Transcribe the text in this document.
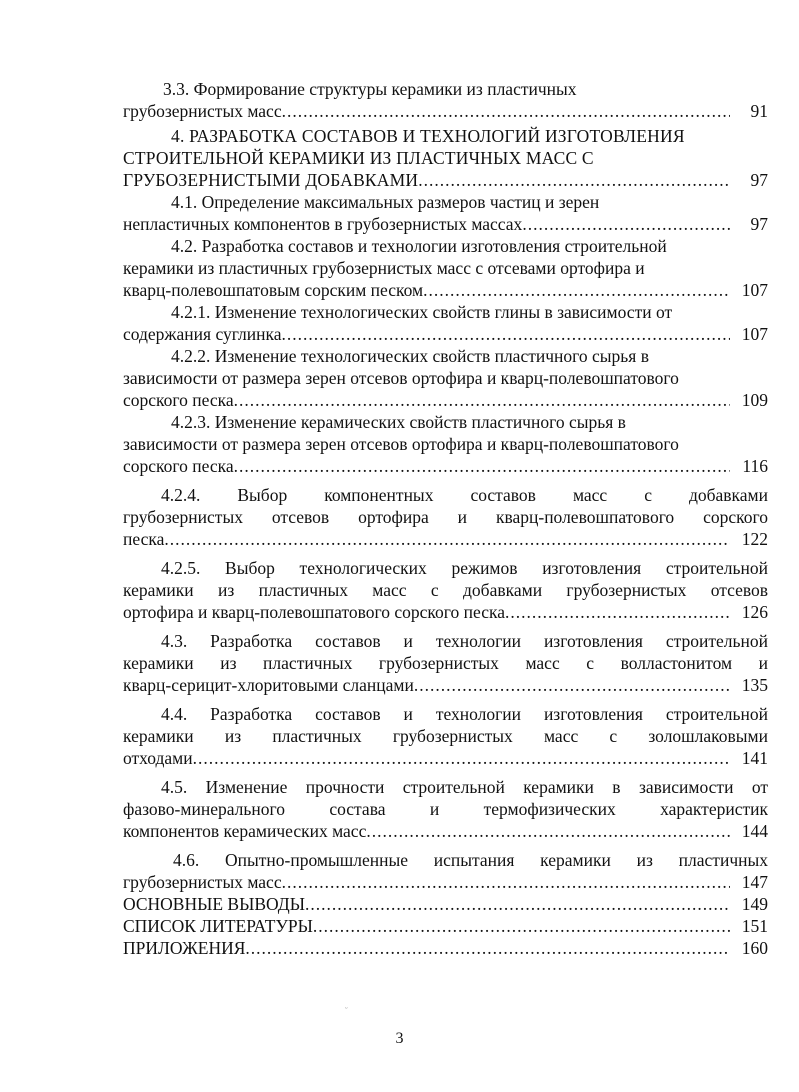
3.3. Формирование структуры керамики из пластичных
грубозернистых масс .....	91
4. РАЗРАБОТКА СОСТАВОВ И ТЕХНОЛОГИЙ ИЗГОТОВЛЕНИЯ
СТРОИТЕЛЬНОЙ КЕРАМИКИ ИЗ ПЛАСТИЧНЫХ МАСС С
ГРУБОЗЕРНИСТЫМИ ДОБАВКАМИ .....	97
4.1. Определение максимальных размеров частиц и зерен
непластичных компонентов в грубозернистых массах .....	97
4.2. Разработка составов и технологии изготовления строительной
керамики из пластичных грубозернистых масс с отсевами ортофира и
кварц-полевошпатовым сорским песком .....	107
4.2.1. Изменение технологических свойств глины в зависимости от
содержания суглинка .....	107
4.2.2. Изменение технологических свойств пластичного сырья в
зависимости от размера зерен отсевов ортофира и кварц-полевошпатового
сорского песка .....	109
4.2.3. Изменение керамических свойств пластичного сырья в
зависимости от размера зерен отсевов ортофира и кварц-полевошпатового
сорского песка .....	116
4.2.4. Выбор компонентных составов масс с добавками
грубозернистых отсевов ортофира и кварц-полевошпатового сорского
песка .....	122
4.2.5. Выбор технологических режимов изготовления строительной
керамики из пластичных масс с добавками грубозернистых отсевов
ортофира и кварц-полевошпатового сорского песка .....	126
4.3. Разработка составов и технологии изготовления строительной
керамики из пластичных грубозернистых масс с волластонитом и
кварц-серицит-хлоритовыми сланцами .....	135
4.4. Разработка составов и технологии изготовления строительной
керамики из пластичных грубозернистых масс с золошлаковыми
отходами .....	141
4.5. Изменение прочности строительной керамики в зависимости от
фазово-минерального состава и термофизических характеристик
компонентов керамических масс .....	144
4.6. Опытно-промышленные испытания керамики из пластичных
грубозернистых масс .....	147
ОСНОВНЫЕ ВЫВОДЫ .....	149
СПИСОК ЛИТЕРАТУРЫ .....	151
ПРИЛОЖЕНИЯ .....	160
3
ᵕ
